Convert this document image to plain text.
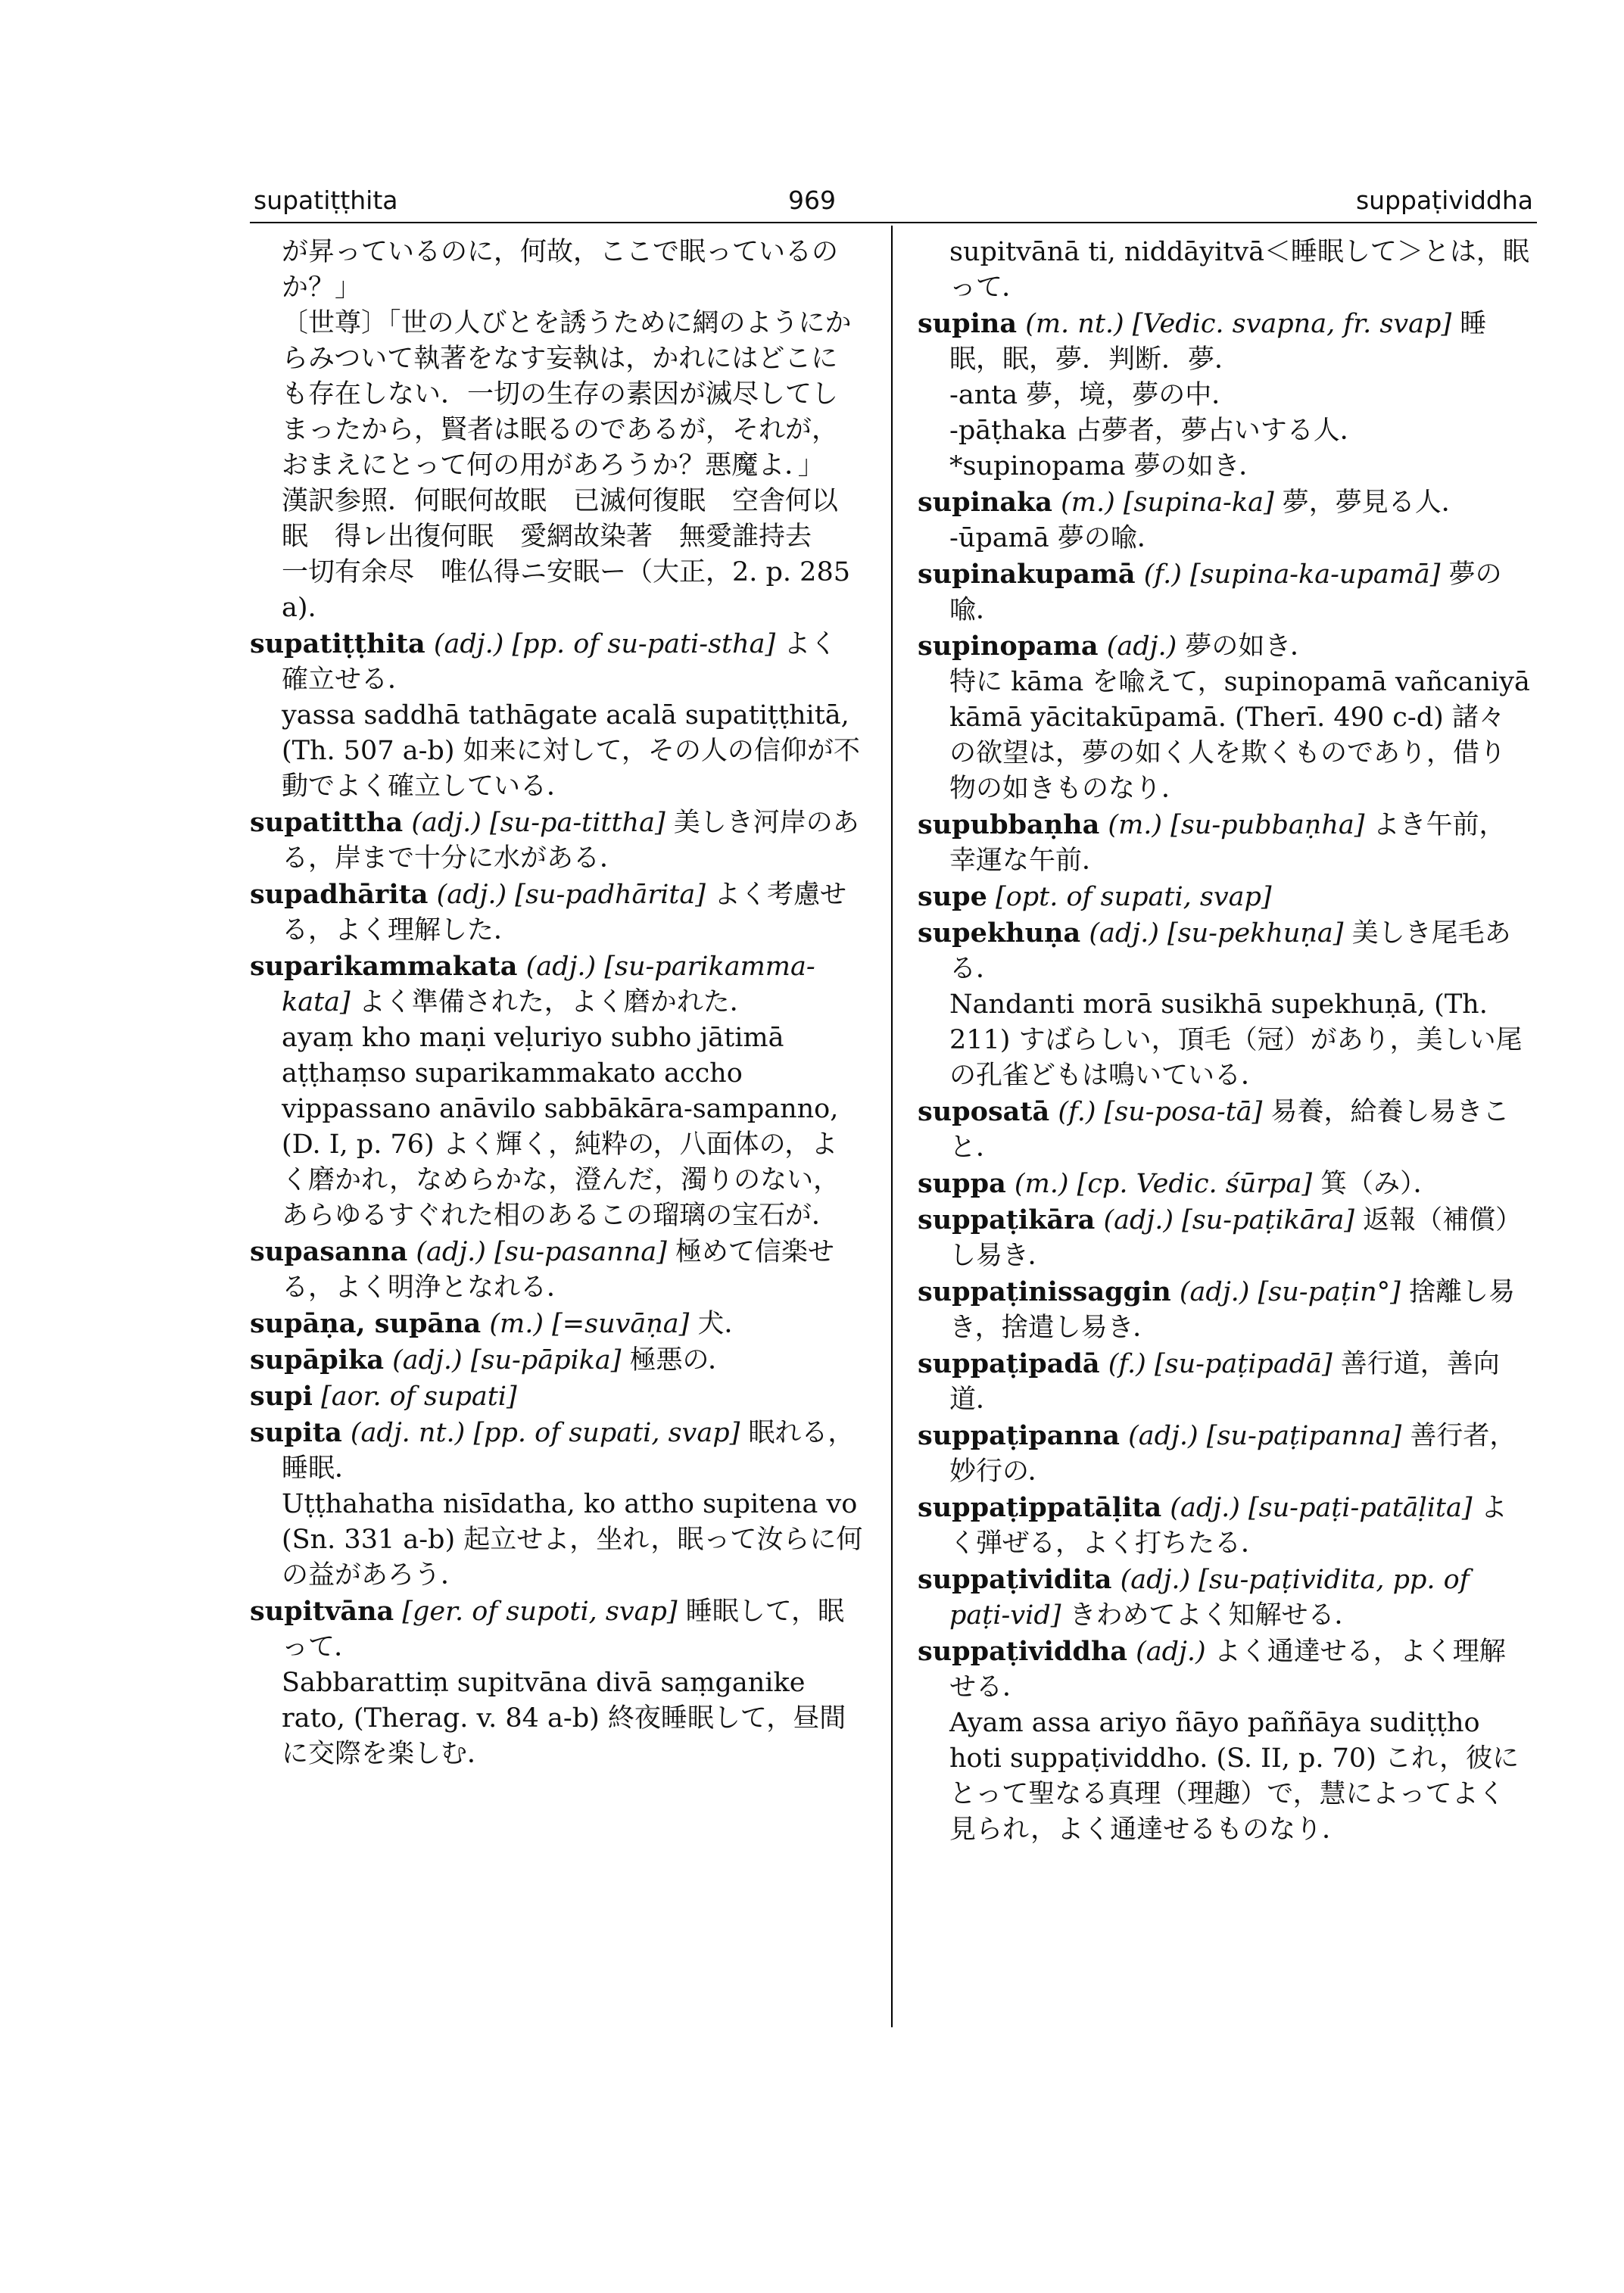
supatiṭṭhita	969	suppaṭividdha
が昇っているのに，何故，ここで眠っているのか？」
〔世尊〕「世の人びとを誘うために網のようにからみついて執著をなす妄執は，かれにはどこにも存在しない．一切の生存の素因が滅尽してしまったから，賢者は眠るのであるが，それが，おまえにとって何の用があろうか？悪魔よ．」
漢訳参照．何眠何故眠　已滅何復眠　空舎何以眠　得レ出復何眠　愛網故染著　無愛誰持去　一切有余尽　唯仏得ニ安眠ー（大正，2. p. 285 a).
supatiṭṭhita (adj.) [pp. of su-pati-stha] よく確立せる．
yassa saddhā tathāgate acalā supatiṭṭhitā, (Th. 507 a-b) 如来に対して，その人の信仰が不動でよく確立している．
supatittha (adj.) [su-pa-tittha] 美しき河岸のある，岸まで十分に水がある．
supadhārita (adj.) [su-padhārita] よく考慮せる，よく理解した．
suparikammakata (adj.) [su-parikamma-kata] よく準備された，よく磨かれた．
ayaṃ kho maṇi veḷuriyo subho jātimā aṭṭhaṃso suparikammakato accho vippassano anāvilo sabbākāra-sampanno, (D. I, p. 76) よく輝く，純粋の，八面体の，よく磨かれ，なめらかな，澄んだ，濁りのない，あらゆるすぐれた相のあるこの瑠璃の宝石が．
supasanna (adj.) [su-pasanna] 極めて信楽せる，よく明浄となれる．
supāṇa, supāna (m.) [=suvāṇa] 犬．
supāpika (adj.) [su-pāpika] 極悪の．
supi [aor. of supati]
supita (adj. nt.) [pp. of supati, svap] 眠れる，睡眠．
Uṭṭhahatha nisīdatha, ko attho supitena vo (Sn. 331 a-b) 起立せよ，坐れ，眠って汝らに何の益があろう．
supitvāna [ger. of supoti, svap] 睡眠して，眠って．
Sabbarattiṃ supitvāna divā saṃganike rato, (Therag. v. 84 a-b) 終夜睡眠して，昼間に交際を楽しむ．
supitvānā ti, niddāyitvā＜睡眠して＞とは，眠って．
supina (m. nt.) [Vedic. svapna, fr. svap] 睡眠，眠，夢．判断．夢．
-anta 夢，境，夢の中．
-pāṭhaka 占夢者，夢占いする人．
*supinopama 夢の如き．
supinaka (m.) [supina-ka] 夢，夢見る人．
-ūpamā 夢の喩．
supinakupamā (f.) [supina-ka-upamā] 夢の喩．
supinopama (adj.) 夢の如き．
特に kāma を喩えて，supinopamā vañcaniyā kāmā yācitakūpamā. (Therī. 490 c-d) 諸々の欲望は，夢の如く人を欺くものであり，借り物の如きものなり．
supubbaṇha (m.) [su-pubbaṇha] よき午前，幸運な午前．
supe [opt. of supati, svap]
supekhuṇa (adj.) [su-pekhuṇa] 美しき尾毛ある．
Nandanti morā susikhā supekhuṇā, (Th. 211) すばらしい，頂毛（冠）があり，美しい尾の孔雀どもは鳴いている．
suposatā (f.) [su-posa-tā] 易養，給養し易きこと．
suppa (m.) [cp. Vedic. śūrpa] 箕（み）．
suppaṭikāra (adj.) [su-paṭikāra] 返報（補償）し易き．
suppaṭinissaggin (adj.) [su-paṭin°] 捨離し易き，捨遣し易き．
suppaṭipadā (f.) [su-paṭipadā] 善行道，善向道．
suppaṭipanna (adj.) [su-paṭipanna] 善行者，妙行の．
suppaṭippatāḷita (adj.) [su-paṭi-patāḷita] よく弾ぜる，よく打ちたる．
suppaṭividita (adj.) [su-paṭividita, pp. of paṭi-vid] きわめてよく知解せる．
suppaṭividdha (adj.) よく通達せる，よく理解せる．
Ayam assa ariyo ñāyo paññāya sudiṭṭho hoti suppaṭividdho. (S. II, p. 70) これ，彼にとって聖なる真理（理趣）で，慧によってよく見られ，よく通達せるものなり．
